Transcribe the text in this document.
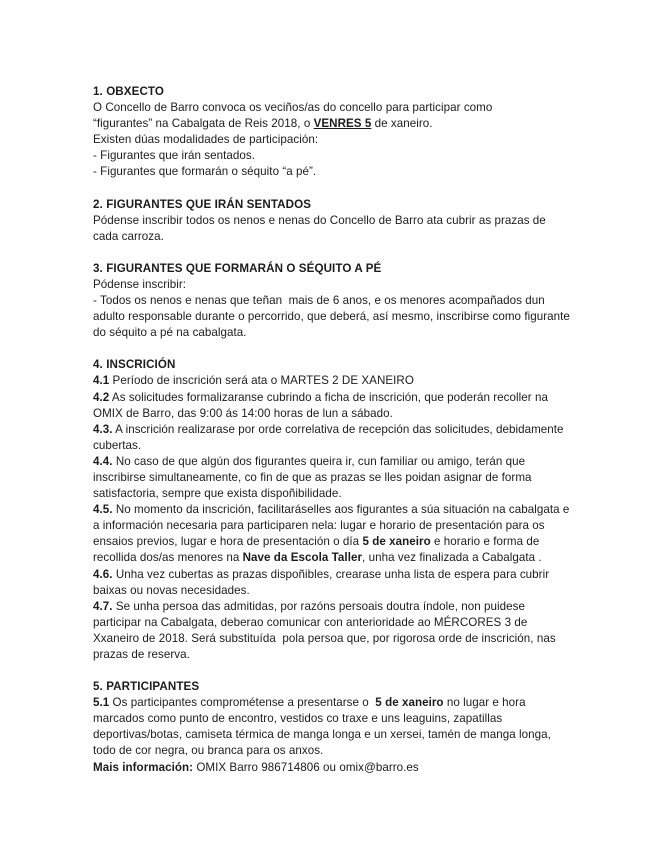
1. OBXECTO

O Concello de Barro convoca os veciños/as do concello para participar como
“figurantes” na Cabalgata de Reis 2018, o VENRES 5 de xaneiro.
Existen dúas modalidades de participación:
- Figurantes que irán sentados.
- Figurantes que formarán o séquito “a pé”.

2. FIGURANTES QUE IRÁN SENTADOS

Pódense inscribir todos os nenos e nenas do Concello de Barro ata cubrir as prazas de cada carroza.

3. FIGURANTES QUE FORMARÁN O SÉQUITO A PÉ

Pódense inscribir:

- Todos os nenos e nenas que teñan  mais de 6 anos, e os menores acompañados dun adulto responsable durante o percorrido, que deberá, así mesmo, inscribirse como figurante do séquito a pé na cabalgata.

4. INSCRICIÓN

4.1 Período de inscrición será ata o MARTES 2 DE XANEIRO

4.2 As solicitudes formalizaranse cubrindo a ficha de inscrición, que poderán recoller na OMIX de Barro, das 9:00 ás 14:00 horas de lun a sábado.

4.3. A inscrición realizarase por orde correlativa de recepción das solicitudes, debidamente cubertas.

4.4. No caso de que algún dos figurantes queira ir, cun familiar ou amigo, terán que inscribirse simultaneamente, co fin de que as prazas se lles poidan asignar de forma satisfactoria, sempre que exista dispoñibilidade.

4.5. No momento da inscrición, facilitaráselles aos figurantes a súa situación na cabalgata e a información necesaria para participaren nela: lugar e horario de presentación para os ensaios previos, lugar e hora de presentación o día 5 de xaneiro e horario e forma de recollida dos/as menores na Nave da Escola Taller, unha vez finalizada a Cabalgata .

4.6. Unha vez cubertas as prazas dispoñibles, crearase unha lista de espera para cubrir baixas ou novas necesidades.

4.7. Se unha persoa das admitidas, por razóns persoais doutra índole, non puidese participar na Cabalgata, deberao comunicar con anterioridade ao MÉRCORES 3 de Xxaneiro de 2018. Será substituída  pola persoa que, por rigorosa orde de inscrición, nas prazas de reserva.

5. PARTICIPANTES

5.1 Os participantes comprométense a presentarse o  5 de xaneiro no lugar e hora marcados como punto de encontro, vestidos co traxe e uns leaguins, zapatillas deportivas/botas, camiseta térmica de manga longa e un xersei, tamén de manga longa, todo de cor negra, ou branca para os anxos.

Mais información: OMIX Barro 986714806 ou omix@barro.es
